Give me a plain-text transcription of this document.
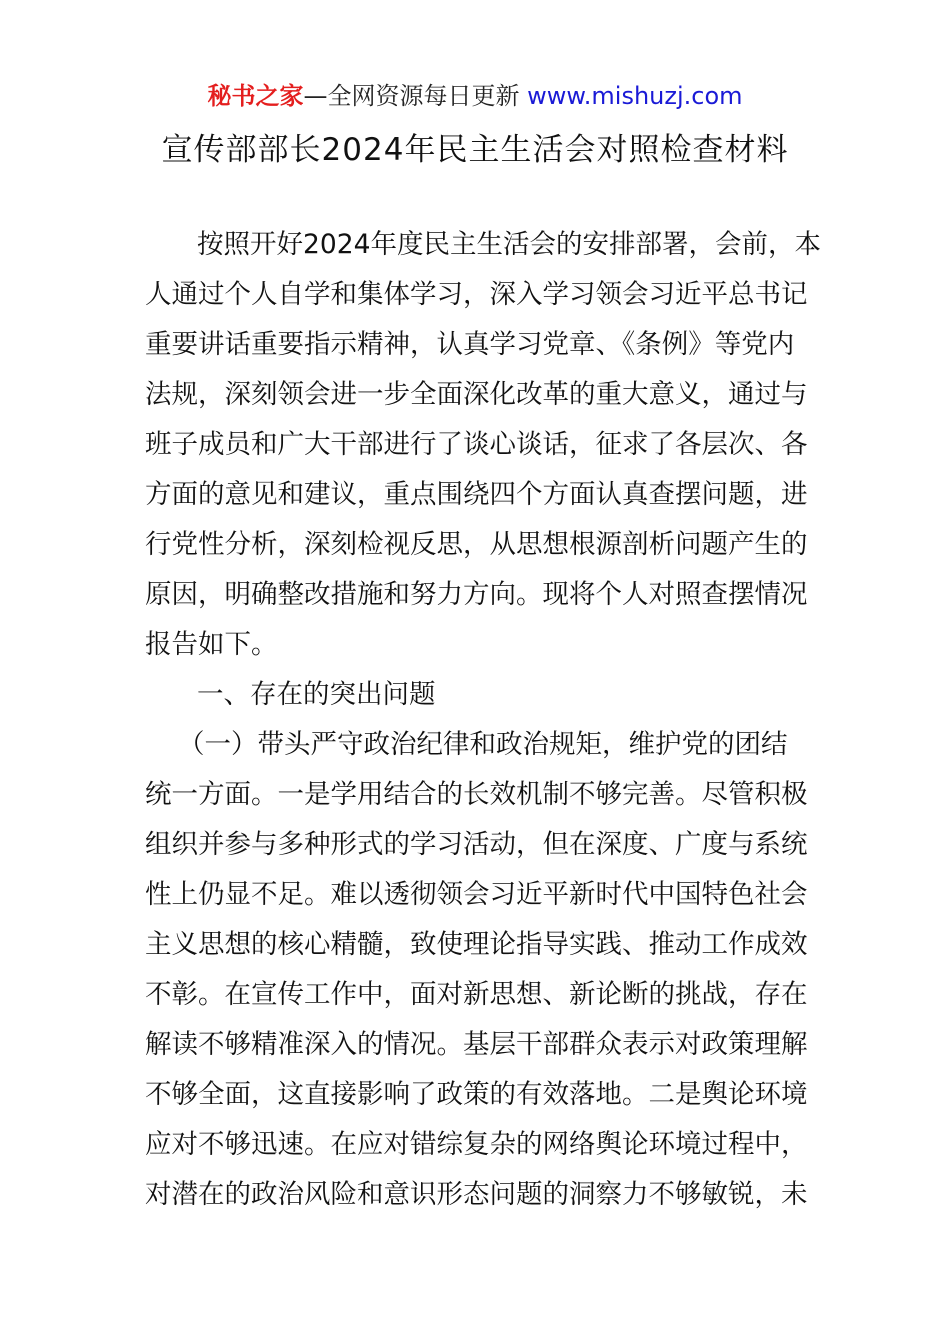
秘书之家—全网资源每日更新 www.mishuzj.com
宣传部部长2024年民主生活会对照检查材料

按照开好2024年度民主生活会的安排部署，会前，本

人通过个人自学和集体学习，深入学习领会习近平总书记

重要讲话重要指示精神，认真学习党章、《条例》等党内

法规，深刻领会进一步全面深化改革的重大意义，通过与

班子成员和广大干部进行了谈心谈话，征求了各层次、各

方面的意见和建议，重点围绕四个方面认真查摆问题，进

行党性分析，深刻检视反思，从思想根源剖析问题产生的

原因，明确整改措施和努力方向。现将个人对照查摆情况

报告如下。

一、存在的突出问题

（一）带头严守政治纪律和政治规矩，维护党的团结

统一方面。一是学用结合的长效机制不够完善。尽管积极

组织并参与多种形式的学习活动，但在深度、广度与系统

性上仍显不足。难以透彻领会习近平新时代中国特色社会

主义思想的核心精髓，致使理论指导实践、推动工作成效

不彰。在宣传工作中，面对新思想、新论断的挑战，存在

解读不够精准深入的情况。基层干部群众表示对政策理解

不够全面，这直接影响了政策的有效落地。二是舆论环境

应对不够迅速。在应对错综复杂的网络舆论环境过程中，

对潜在的政治风险和意识形态问题的洞察力不够敏锐，未
